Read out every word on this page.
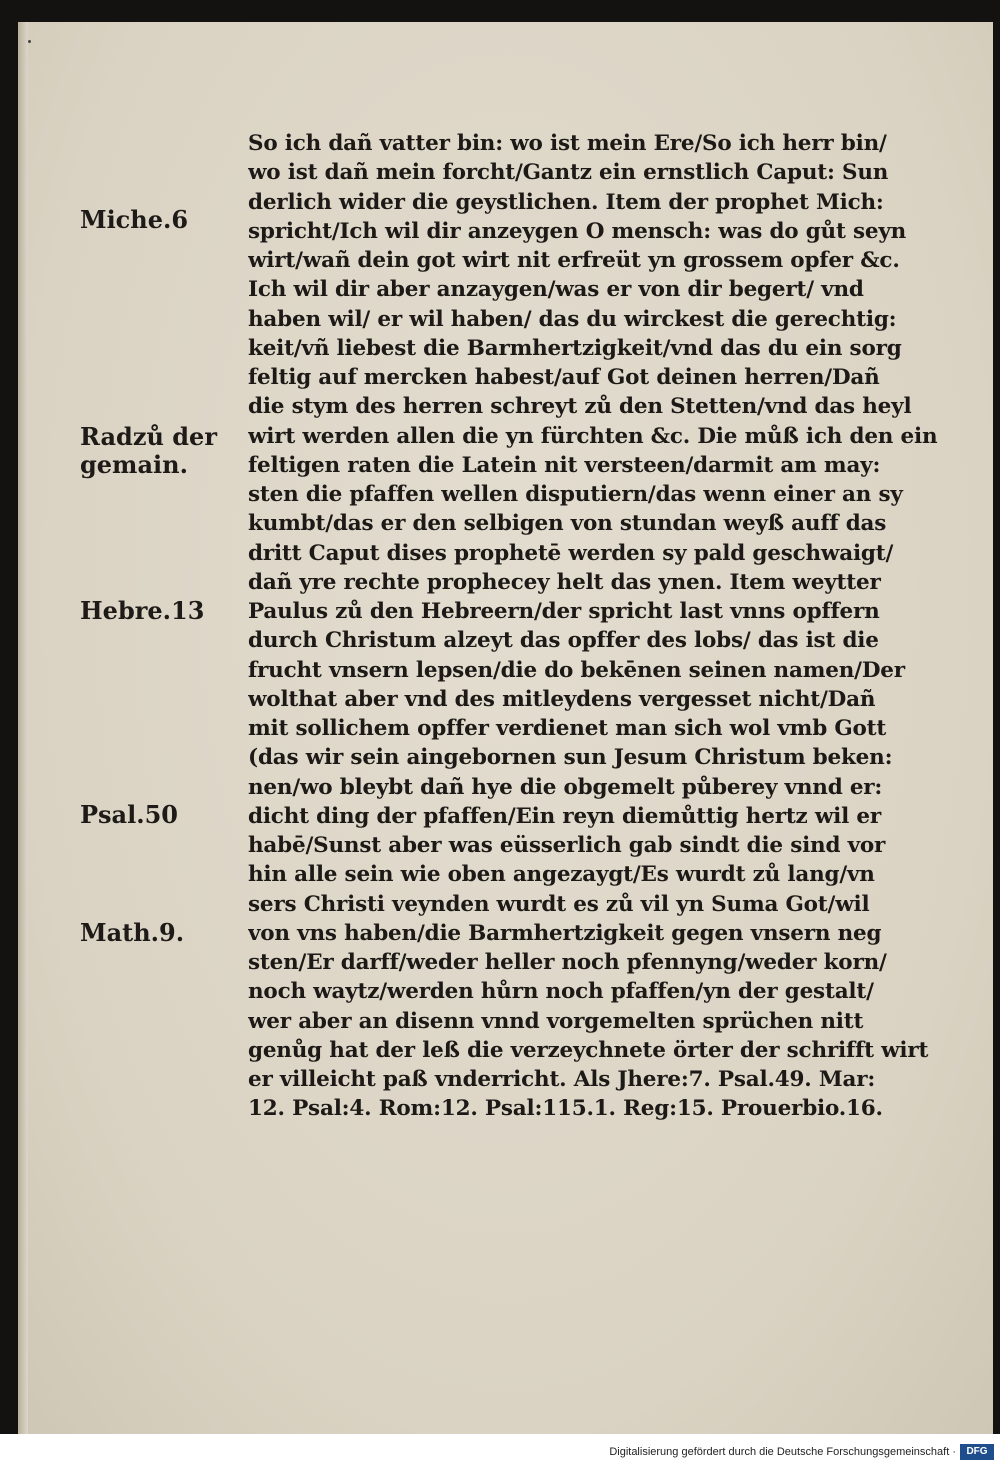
Miche.6
Radzů der
gemain.
Hebre.13
Psal.50
Math.9.
So ich dañ vatter bin: wo ist mein Ere/So ich herr bin/
wo ist dañ mein forcht/Gantz ein ernstlich Caput: Sun
derlich wider die geystlichen. Item der prophet Mich:
spricht/Ich wil dir anzeygen O mensch: was do gůt seyn
wirt/wañ dein got wirt nit erfreüt yn grossem opfer &c.
Ich wil dir aber anzaygen/was er von dir begert/ vnd
haben wil/ er wil haben/ das du wirckest die gerechtig:
keit/vñ liebest die Barmhertzigkeit/vnd das du ein sorg
feltig auf mercken habest/auf Got deinen herren/Dañ
die stym des herren schreyt zů den Stetten/vnd das heyl
wirt werden allen die yn fürchten &c. Die můß ich den ein
feltigen raten die Latein nit versteen/darmit am may:
sten die pfaffen wellen disputiern/das wenn einer an sy
kumbt/das er den selbigen von stundan weyß auff das
dritt Caput dises prophetē werden sy pald geschwaigt/
dañ yre rechte prophecey helt das ynen. Item weytter
Paulus zů den Hebreern/der spricht last vnns opffern
durch Christum alzeyt das opffer des lobs/ das ist die
frucht vnsern lepsen/die do bekēnen seinen namen/Der
wolthat aber vnd des mitleydens vergesset nicht/Dañ
mit sollichem opffer verdienet man sich wol vmb Gott
(das wir sein aingebornen sun Jesum Christum beken:
nen/wo bleybt dañ hye die obgemelt půberey vnnd er:
dicht ding der pfaffen/Ein reyn diemůttig hertz wil er
habē/Sunst aber was eüsserlich gab sindt die sind vor
hin alle sein wie oben angezaygt/Es wurdt zů lang/vn
sers Christi veynden wurdt es zů vil yn Suma Got/wil
von vns haben/die Barmhertzigkeit gegen vnsern neg
sten/Er darff/weder heller noch pfennyng/weder korn/
noch waytz/werden hůrn noch pfaffen/yn der gestalt/
wer aber an disenn vnnd vorgemelten sprüchen nitt
genůg hat der leß die verzeychnete örter der schrifft wirt
er villeicht paß vnderricht. Als Jhere:7. Psal.49. Mar:
12. Psal:4. Rom:12. Psal:115.1. Reg:15. Prouerbio.16.
Digitalisierung gefördert durch die Deutsche Forschungsgemeinschaft ·	DFG
